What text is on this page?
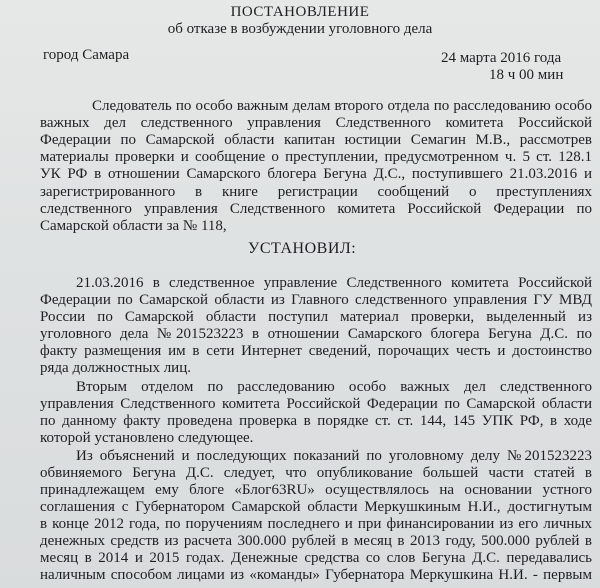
ПОСТАНОВЛЕНИЕ
об отказе в возбуждении уголовного дела
город Самара	24 марта 2016 года
18 ч 00 мин
Следователь по особо важным делам второго отдела по расследованию особо
важных дел следственного управления Следственного комитета Российской
Федерации по Самарской области капитан юстиции Семагин М.В., рассмотрев
материалы проверки и сообщение о преступлении, предусмотренном ч. 5 ст. 128.1
УК РФ в отношении Самарского блогера Бегуна Д.С., поступившего 21.03.2016 и
зарегистрированного в книге регистрации сообщений о преступлениях
следственного управления Следственного комитета Российской Федерации по
Самарской области за № 118,
УСТАНОВИЛ:
21.03.2016 в следственное управление Следственного комитета Российской
Федерации по Самарской области из Главного следственного управления ГУ МВД
России по Самарской области поступил материал проверки, выделенный из
уголовного дела №201523223 в отношении Самарского блогера Бегуна Д.С. по
факту размещения им в сети Интернет сведений, порочащих честь и достоинство
ряда должностных лиц.
Вторым отделом по расследованию особо важных дел следственного
управления Следственного комитета Российской Федерации по Самарской области
по данному факту проведена проверка в порядке ст. ст. 144, 145 УПК РФ, в ходе
которой установлено следующее.
Из объяснений и последующих показаний по уголовному делу №201523223
обвиняемого Бегуна Д.С. следует, что опубликование большей части статей в
принадлежащем ему блоге «Блог63RU» осуществлялось на основании устного
соглашения с Губернатором Самарской области Меркушкиным Н.И., достигнутым
в конце 2012 года, по поручениям последнего и при финансировании из его личных
денежных средств из расчета 300.000 рублей в месяц в 2013 году, 500.000 рублей в
месяц в 2014 и 2015 годах. Денежные средства со слов Бегуна Д.С. передавались
наличным способом лицами из «команды» Губернатора Меркушкина Н.И. - первым
